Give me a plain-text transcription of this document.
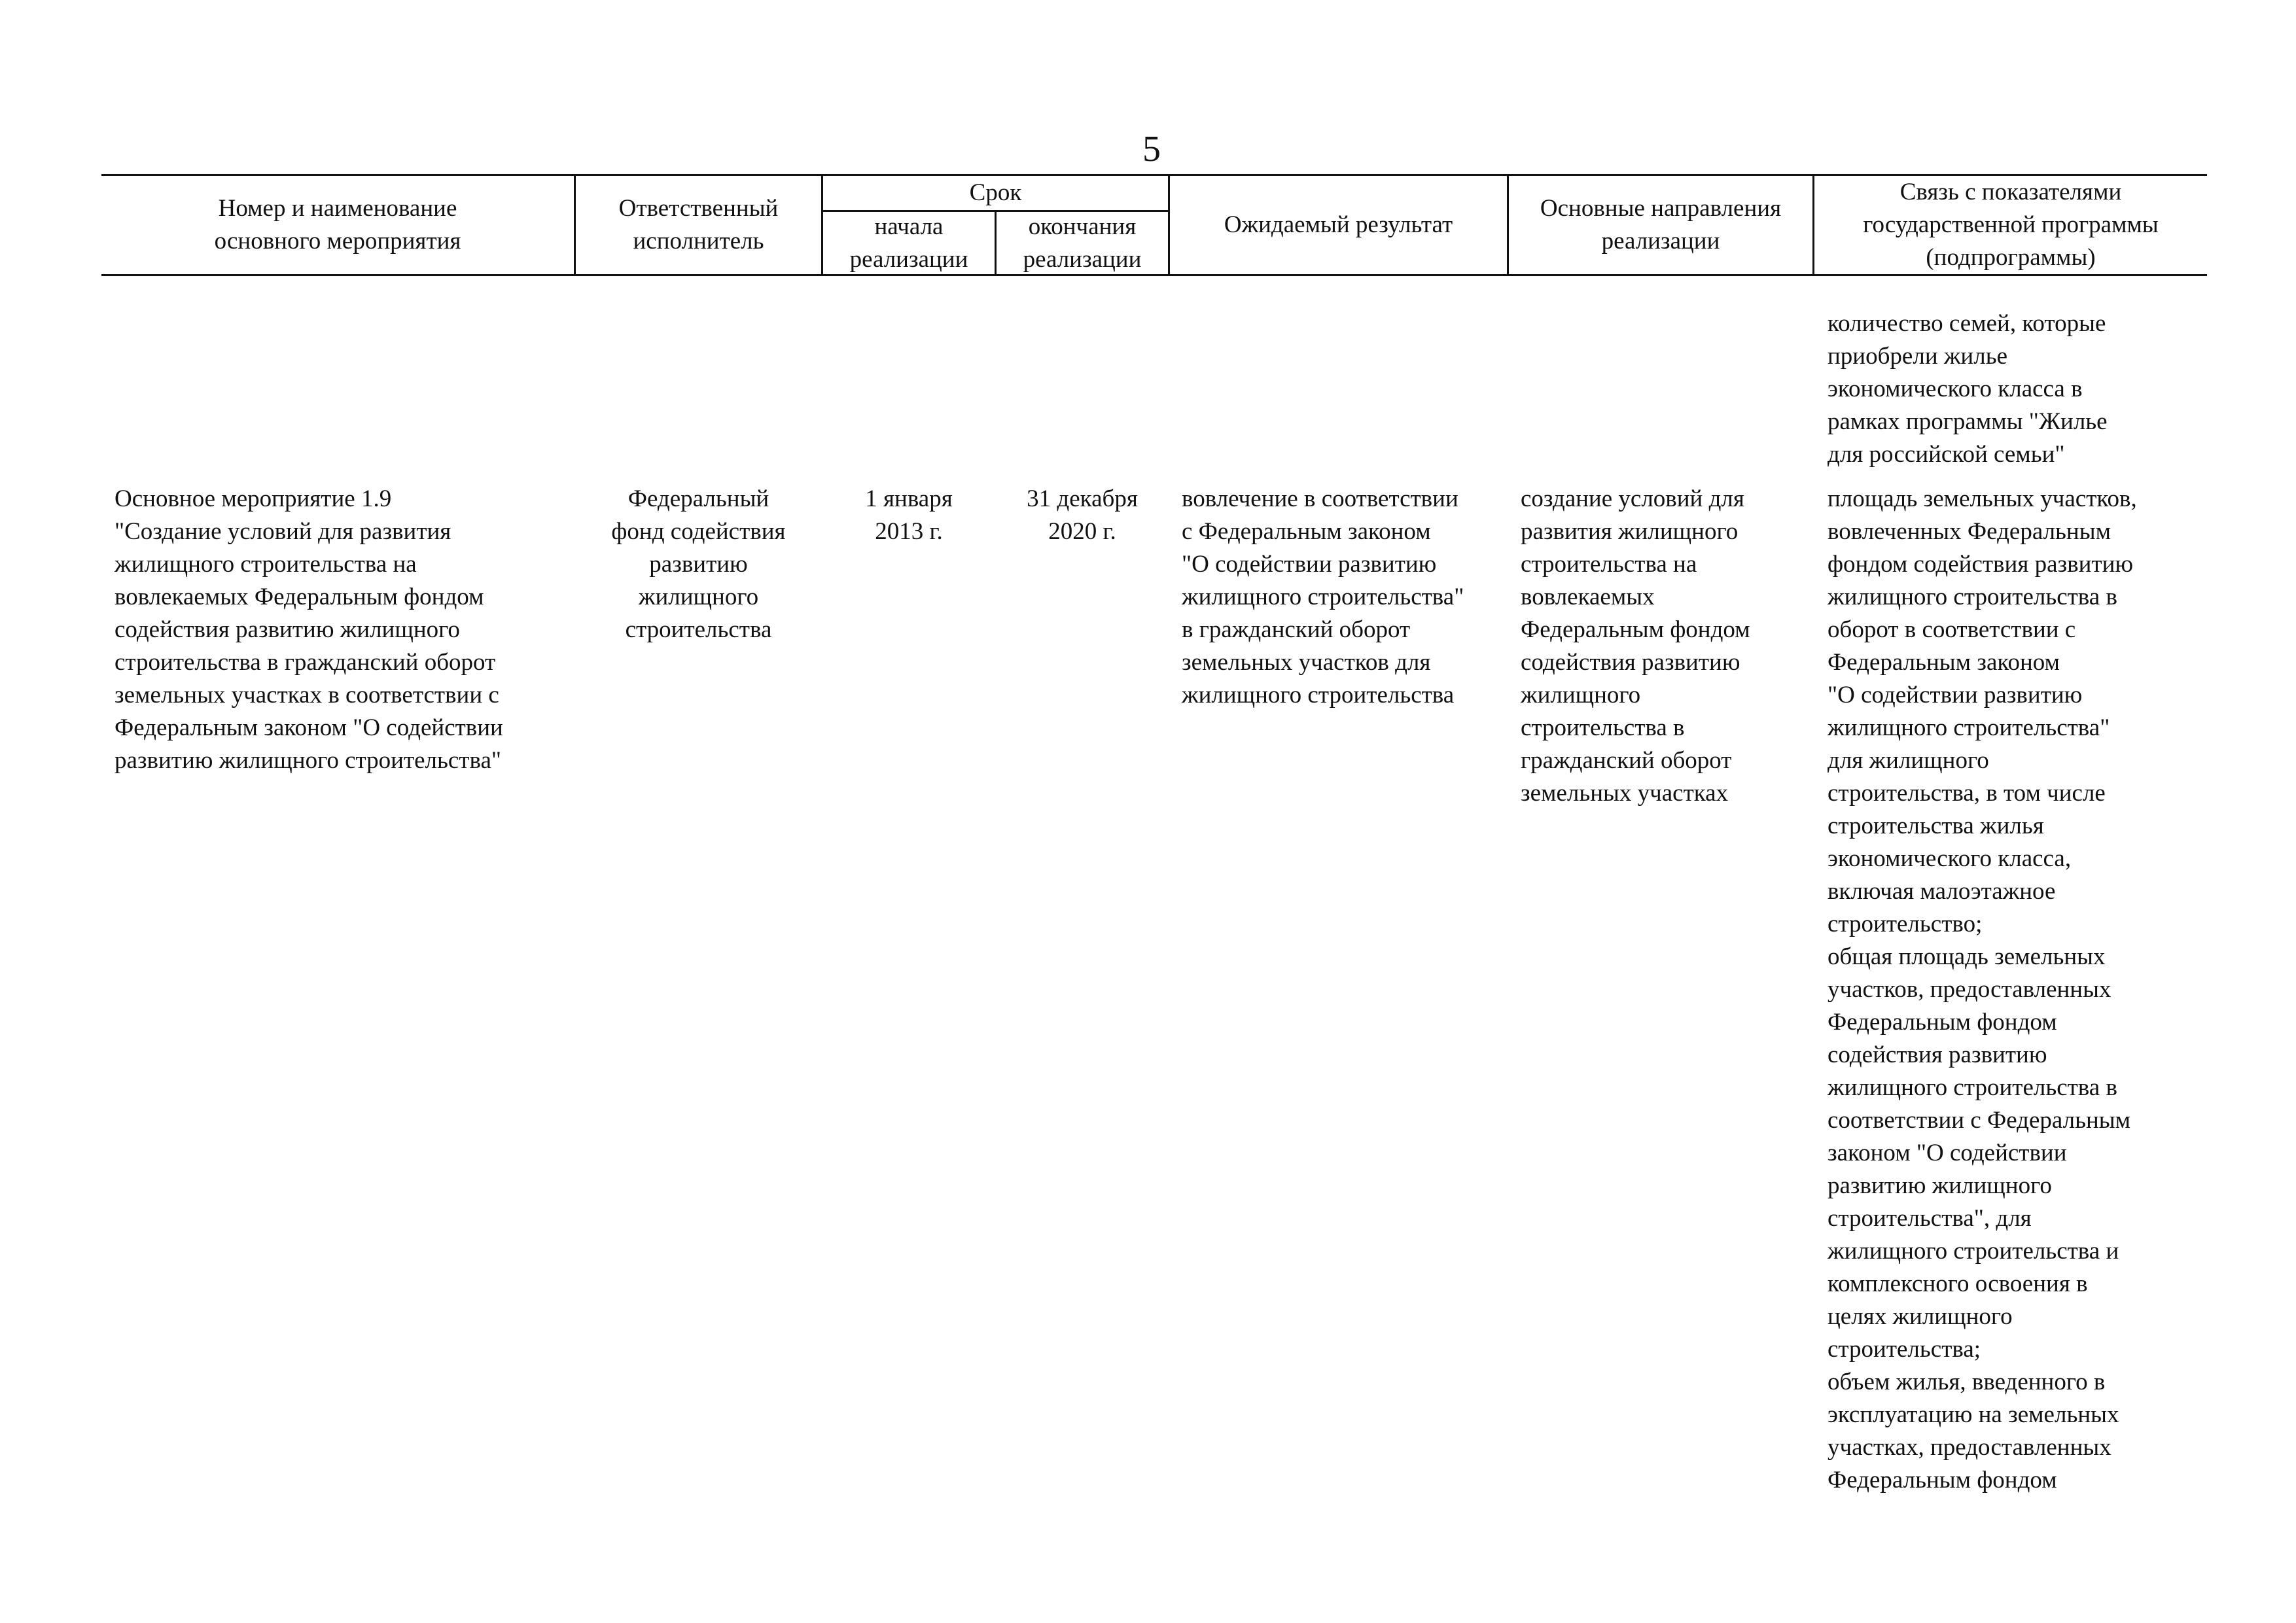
5
Номер и наименование
основного мероприятия
Ответственный
исполнитель
Срок
начала
реализации
окончания
реализации
Ожидаемый результат
Основные направления
реализации
Связь с показателями
государственной программы
(подпрограммы)
количество семей, которые
приобрели жилье
экономического класса в
рамках программы "Жилье
для российской семьи"
Основное мероприятие 1.9
"Создание условий для развития
жилищного строительства на
вовлекаемых Федеральным фондом
содействия развитию жилищного
строительства в гражданский оборот
земельных участках в соответствии с
Федеральным законом "О содействии
развитию жилищного строительства"
Федеральный
фонд содействия
развитию
жилищного
строительства
1 января
2013 г.
31 декабря
2020 г.
вовлечение в соответствии
с Федеральным законом
"О содействии развитию
жилищного строительства"
в гражданский оборот
земельных участков для
жилищного строительства
создание условий для
развития жилищного
строительства на
вовлекаемых
Федеральным фондом
содействия развитию
жилищного
строительства в
гражданский оборот
земельных участках
площадь земельных участков,
вовлеченных Федеральным
фондом содействия развитию
жилищного строительства в
оборот в соответствии с
Федеральным законом
"О содействии развитию
жилищного строительства"
для жилищного
строительства, в том числе
строительства жилья
экономического класса,
включая малоэтажное
строительство;
общая площадь земельных
участков, предоставленных
Федеральным фондом
содействия развитию
жилищного строительства в
соответствии с Федеральным
законом "О содействии
развитию жилищного
строительства", для
жилищного строительства и
комплексного освоения в
целях жилищного
строительства;
объем жилья, введенного в
эксплуатацию на земельных
участках, предоставленных
Федеральным фондом
